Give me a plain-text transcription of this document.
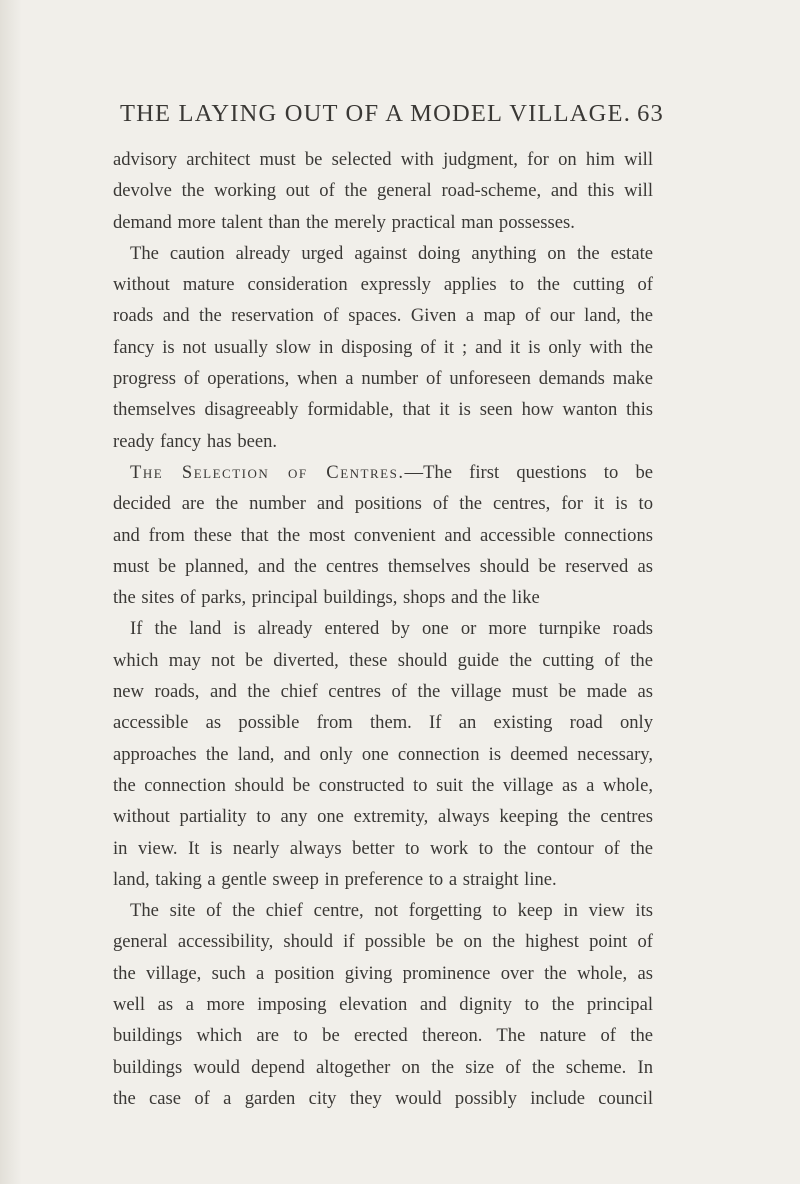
THE LAYING OUT OF A MODEL VILLAGE. 63
advisory architect must be selected with judgment, for on him will
devolve the working out of the general road-scheme, and this will
demand more talent than the merely practical man possesses.
The caution already urged against doing anything on the estate
without mature consideration expressly applies to the cutting of
roads and the reservation of spaces. Given a map of our land, the
fancy is not usually slow in disposing of it ; and it is only with the
progress of operations, when a number of unforeseen demands make
themselves disagreeably formidable, that it is seen how wanton this
ready fancy has been.
The Selection of Centres.—The first questions to be
decided are the number and positions of the centres, for it is to
and from these that the most convenient and accessible connections
must be planned, and the centres themselves should be reserved as
the sites of parks, principal buildings, shops and the like
If the land is already entered by one or more turnpike roads
which may not be diverted, these should guide the cutting of the
new roads, and the chief centres of the village must be made as
accessible as possible from them. If an existing road only
approaches the land, and only one connection is deemed necessary,
the connection should be constructed to suit the village as a whole,
without partiality to any one extremity, always keeping the centres
in view. It is nearly always better to work to the contour of the
land, taking a gentle sweep in preference to a straight line.
The site of the chief centre, not forgetting to keep in view its
general accessibility, should if possible be on the highest point of
the village, such a position giving prominence over the whole, as
well as a more imposing elevation and dignity to the principal
buildings which are to be erected thereon. The nature of the
buildings would depend altogether on the size of the scheme. In
the case of a garden city they would possibly include council
